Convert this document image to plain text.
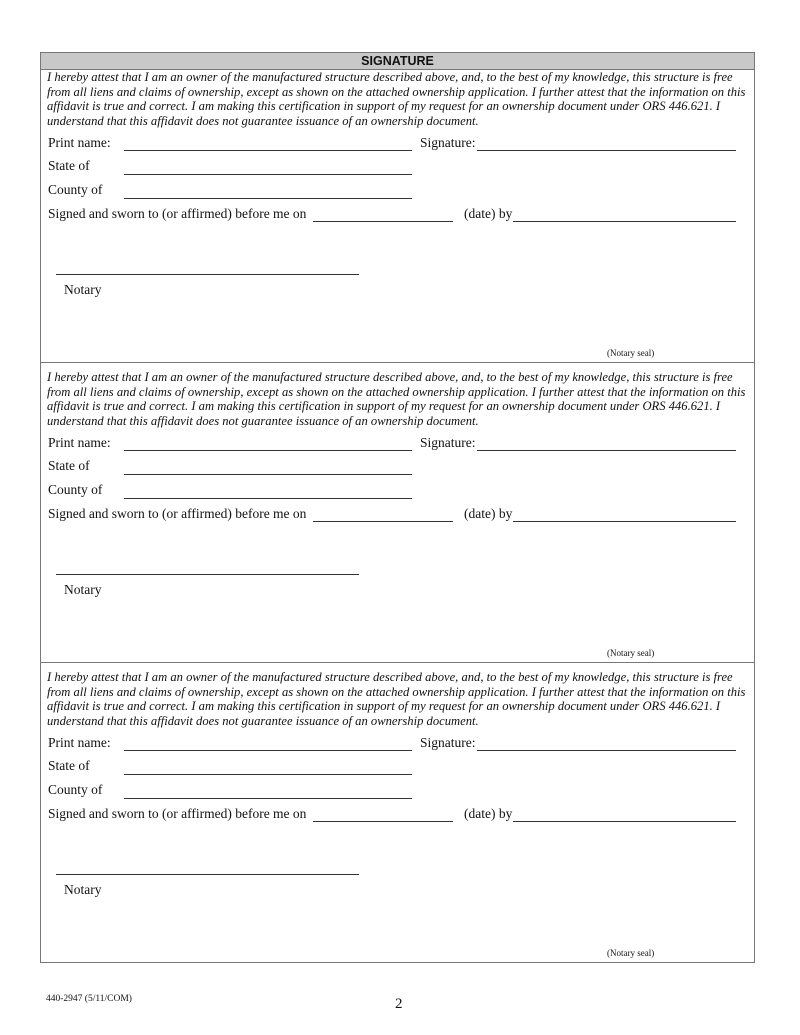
SIGNATURE
I hereby attest that I am an owner of the manufactured structure described above, and, to the best of my knowledge, this structure is free from all liens and claims of ownership, except as shown on the attached ownership application. I further attest that the information on this affidavit is true and correct. I am making this certification in support of my request for an ownership document under ORS 446.621. I understand that this affidavit does not guarantee issuance of an ownership document.
Print name:	Signature:
State of
County of
Signed and sworn to (or affirmed) before me on	(date) by
Notary
(Notary seal)
I hereby attest that I am an owner of the manufactured structure described above, and, to the best of my knowledge, this structure is free from all liens and claims of ownership, except as shown on the attached ownership application. I further attest that the information on this affidavit is true and correct. I am making this certification in support of my request for an ownership document under ORS 446.621. I understand that this affidavit does not guarantee issuance of an ownership document.
Print name:	Signature:
State of
County of
Signed and sworn to (or affirmed) before me on	(date) by
Notary
(Notary seal)
I hereby attest that I am an owner of the manufactured structure described above, and, to the best of my knowledge, this structure is free from all liens and claims of ownership, except as shown on the attached ownership application. I further attest that the information on this affidavit is true and correct. I am making this certification in support of my request for an ownership document under ORS 446.621. I understand that this affidavit does not guarantee issuance of an ownership document.
Print name:	Signature:
State of
County of
Signed and sworn to (or affirmed) before me on	(date) by
Notary
(Notary seal)
440-2947 (5/11/COM)	2
